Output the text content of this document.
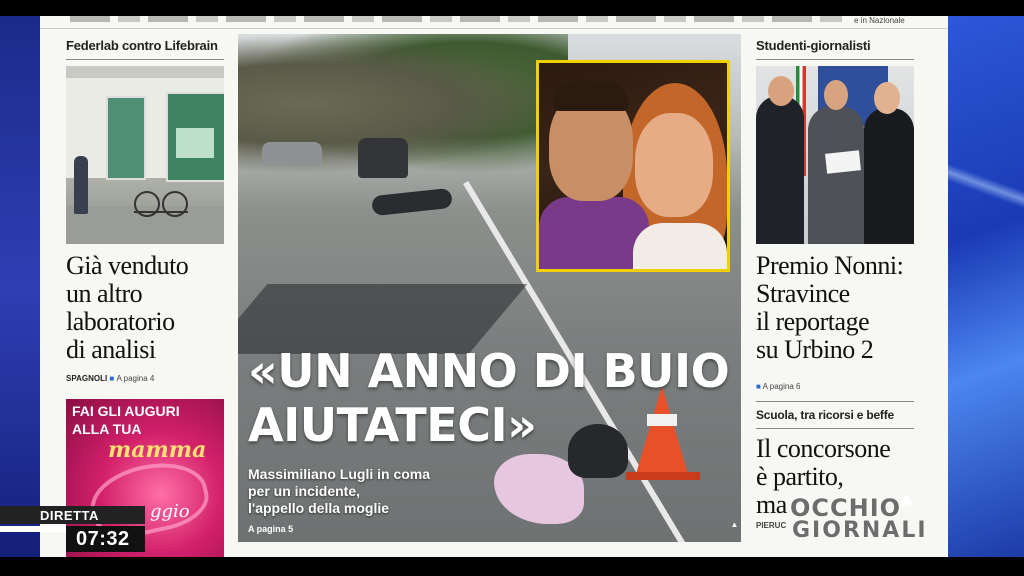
e in Nazionale
Federlab contro Lifebrain
Già venduto
un altro
laboratorio
di analisi
SPAGNOLI ■ A pagina 4
FAI GLI AUGURI
ALLA TUA
mamma
ggio
«UN ANNO DI BUIO
AIUTATECI»
Massimiliano Lugli in coma
per un incidente,
l'appello della moglie
A pagina 5	▲
Studenti-giornalisti
Premio Nonni:
Stravince
il reportage
su Urbino 2
■ A pagina 6
Scuola, tra ricorsi e beffe
Il concorsone
è partito,
ma
PIERUC
$OCCHIO^A$
GIORNALI
DIRETTA
07:32
